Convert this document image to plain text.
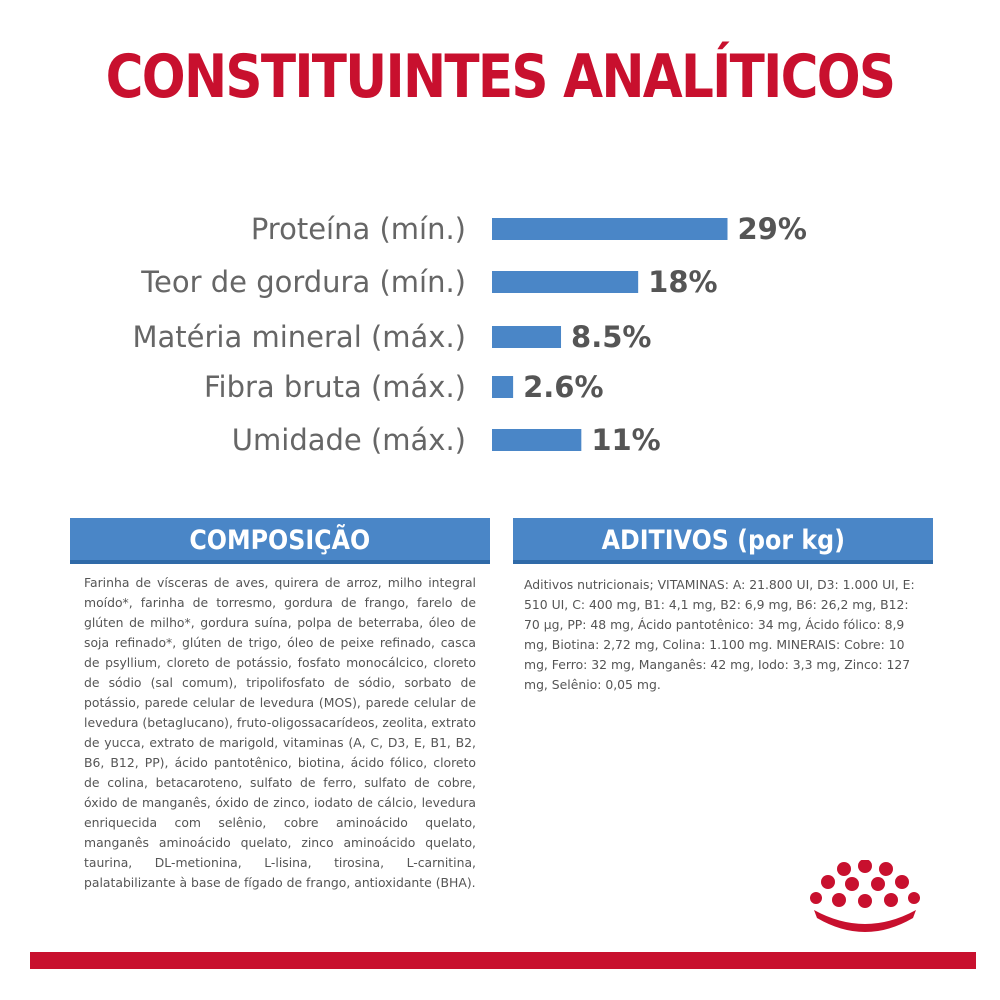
CONSTITUINTES ANALÍTICOS
Proteína (mín.)	29%
Teor de gordura (mín.)	18%
Matéria mineral (máx.)	8.5%
Fibra bruta (máx.) 2.6%
Umidade (máx.)	11%
COMPOSIÇÃO	ADITIVOS (por kg)

Farinha de vísceras de aves, quirera de arroz, milho integral moído*, farinha de torresmo, gordura de frango, farelo de glúten de milho*, gordura suína, polpa de beterraba, óleo de soja refinado*, glúten de trigo, óleo de peixe refinado, casca de psyllium, cloreto de potássio, fosfato monocálcico, cloreto de sódio (sal comum), tripolifosfato de sódio, sorbato de potássio, parede celular de levedura (MOS), parede celular de levedura (betaglucano), fruto-oligossacarídeos, zeolita, extrato de yucca, extrato de marigold, vitaminas (A, C, D3, E, B1, B2, B6, B12, PP), ácido pantotênico, biotina, ácido fólico, cloreto de colina, betacaroteno, sulfato de ferro, sulfato de cobre, óxido de manganês, óxido de zinco, iodato de cálcio, levedura enriquecida com selênio, cobre aminoácido quelato, manganês aminoácido quelato, zinco aminoácido quelato, taurina, DL-metionina, L-lisina, tirosina, L-carnitina, palatabilizante à base de fígado de frango, antioxidante (BHA).

Aditivos nutricionais; VITAMINAS: A: 21.800 UI, D3: 1.000 UI, E: 510 UI, C: 400 mg, B1: 4,1 mg, B2: 6,9 mg, B6: 26,2 mg, B12: 70 µg, PP: 48 mg, Ácido pantotênico: 34 mg, Ácido fólico: 8,9 mg, Biotina: 2,72 mg, Colina: 1.100 mg. MINERAIS: Cobre: 10 mg, Ferro: 32 mg, Manganês: 42 mg, Iodo: 3,3 mg, Zinco: 127 mg, Selênio: 0,05 mg.
